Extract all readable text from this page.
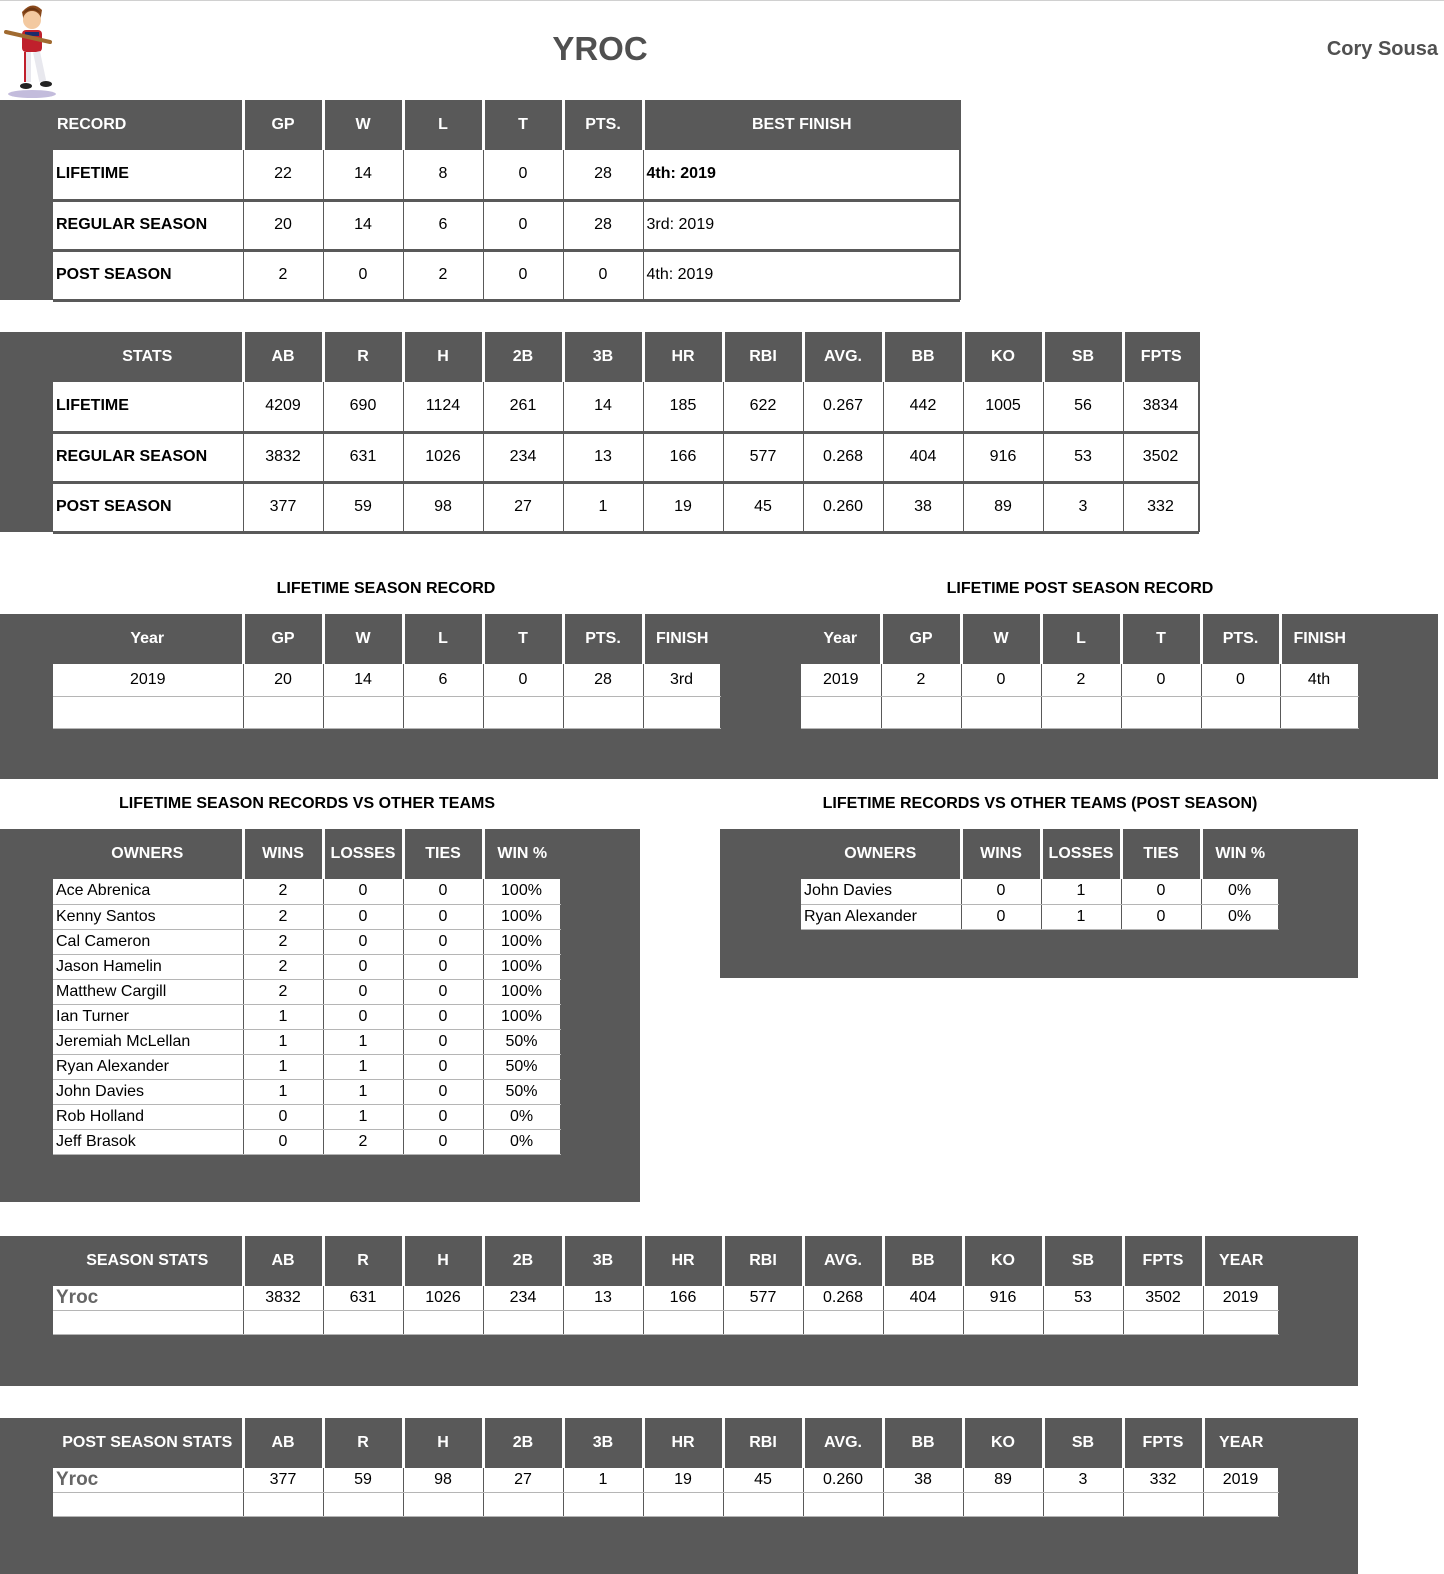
YROC	Cory Sousa
RECORD	GP	W	L	T	PTS.	BEST FINISH
LIFETIME	22	14	8	0	28	4th: 2019
REGULAR SEASON	20	14	6	0	28	3rd: 2019
POST SEASON	2	0	2	0	0	4th: 2019
STATS	AB	R	H	2B	3B	HR	RBI	AVG.	BB	KO	SB	FPTS
LIFETIME	4209	690	1124	261	14	185	622	0.267	442	1005	56	3834
REGULAR SEASON	3832	631	1026	234	13	166	577	0.268	404	916	53	3502
POST SEASON	377	59	98	27	1	19	45	0.260	38	89	3	332
LIFETIME SEASON RECORD	LIFETIME POST SEASON RECORD
Year	GP	W	L	T	PTS.	FINISH
2019	20	14	6	0	28	3rd

Year	GP	W	L	T	PTS.	FINISH
2019	2	0	2	0	0	4th

LIFETIME SEASON RECORDS VS OTHER TEAMS	LIFETIME RECORDS VS OTHER TEAMS (POST SEASON)
OWNERS	WINS	LOSSES	TIES	WIN %
Ace Abrenica	2	0	0	100%
Kenny Santos	2	0	0	100%
Cal Cameron	2	0	0	100%
Jason Hamelin	2	0	0	100%
Matthew Cargill	2	0	0	100%
Ian Turner	1	0	0	100%
Jeremiah McLellan	1	1	0	50%
Ryan Alexander	1	1	0	50%
John Davies	1	1	0	50%
Rob Holland	0	1	0	0%
Jeff Brasok	0	2	0	0%
OWNERS	WINS	LOSSES	TIES	WIN %
John Davies	0	1	0	0%
Ryan Alexander	0	1	0	0%
SEASON STATS	AB	R	H	2B	3B	HR	RBI	AVG.	BB	KO	SB	FPTS	YEAR
Yroc	3832	631	1026	234	13	166	577	0.268	404	916	53	3502	2019

POST SEASON STATS	AB	R	H	2B	3B	HR	RBI	AVG.	BB	KO	SB	FPTS	YEAR
Yroc	377	59	98	27	1	19	45	0.260	38	89	3	332	2019
